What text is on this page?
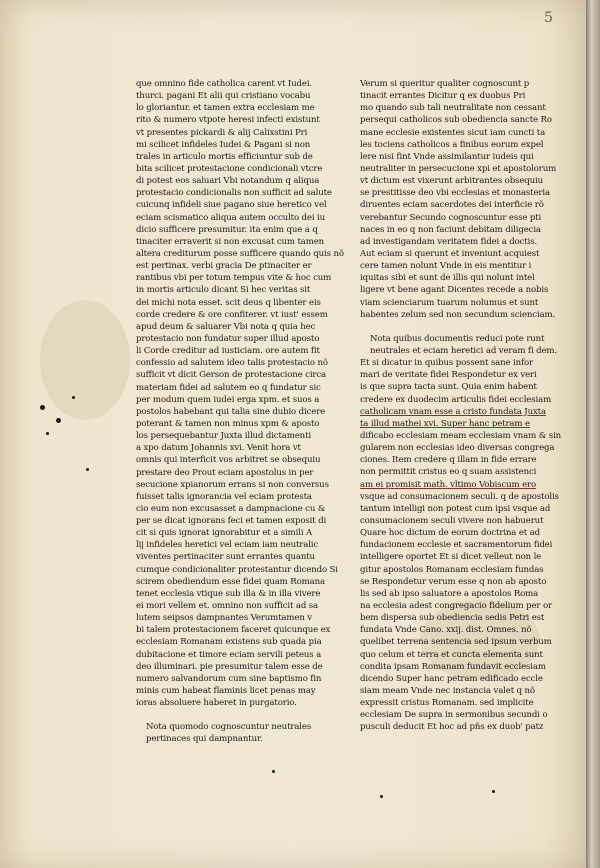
5
que omnino fide catholica carent vt Iudei.
thurci. pagani Et alii qui cristiano vocabu
lo gloriantur. et tamen extra ecclesiam me
rito & numero vtpote heresi infecti existunt
vt presentes pickardi & alij Calixstini Pri
mi scilicet infideles Iudei & Pagani si non
trales in articulo mortis efficiuntur sub de
bita scilicet protestacione condicionali vtcre
di potest eos saluari Vbi notandum q aliqua
protestacio condicionalis non sufficit ad salute
cuicunq infideli siue pagano siue heretico vel
eciam scismatico aliqua autem occulto dei iu
dicio sufficere presumitur. ita enim que a q
tinaciter erraverit si non excusat cum tamen
altera crediturum posse sufficere quando quis nõ
est pertinax. verbi gracia De ptinaciter er
rantibus vbi per totum tempus vite & hoc cum
in mortis articulo dicant Si hec veritas sit
dei michi nota esset. scit deus q libenter eis
corde credere & ore confiterer. vt iust' essem
apud deum & saluarer Vbi nota q quia hec
protestacio non fundatur super illud aposto
li Corde creditur ad iusticiam. ore autem fit
confessio ad salutem ideo talis protestacio nõ
sufficit vt dicit Gerson de protestacione circa
materiam fidei ad salutem eo q fundatur sic
per modum quem iudei erga xpm. et suos a
postolos habebant qui talia sine dubio dicere
poterant & tamen non minus xpm & aposto
los persequebantur Juxta illud dictamenti
a xpo datum Johannis xvi. Venit hora vt
omnis qui interficit vos arbitret se obsequiu
prestare deo Prout eciam apostolus in per
secucione xpianorum errans si non conversus
fuisset talis ignorancia vel eciam protesta
cio eum non excusasset a dampnacione cu &
per se dicat ignorans feci et tamen exposit di
cit si quis ignorat ignorabitur et a simili A
lij infideles heretici vel eciam iam neutralic
viventes pertinaciter sunt errantes quantu
cumque condicionaliter protestantur dicendo Si
scirem obediendum esse fidei quam Romana
tenet ecclesia vtique sub illa & in illa vivere
ei mori vellem et. omnino non sufficit ad sa
lutem seipsos dampnantes Verumtamen v
bi talem protestacionem faceret quicunque ex
ecclesiam Romanam existens sub quada pia
dubitacione et timore eciam servili peteus a
deo illuminari. pie presumitur talem esse de
numero salvandorum cum sine baptismo fin
minis cum habeat flaminis licet penas may
ioras absoluere haberet in purgatorio.
Nota quomodo cognoscuntur neutrales pertinaces qui dampnantur.
Verum si queritur qualiter cognoscunt p
tinacit errantes Dicitur q ex duobus Pri
mo quando sub tali neutralitate non cessant
persequi catholicos sub obediencia sancte Ro
mane ecclesie existentes sicut iam cuncti ta
les tociens catholicos a finibus eorum expel
lere nisi fint Vnde assimilantur iudeis qui
neutraliter in persecucione xpi et apostolorum
vt dictum est vixerunt arbitrantes obsequiu
se prestitisse deo vbi ecclesias et monasteria
diruentes eciam sacerdotes dei interficie rõ
verebantur Secundo cognoscuntur esse pti
naces in eo q non faciunt debitam diligecia
ad investigandam veritatem fidei a doctis.
Aut eciam si querunt et inveniunt acquiest
cere tamen nolunt Vnde in eis mentitur i
iquitas sibi et sunt de illis qui nolunt intel
ligere vt bene agant Dicentes recede a nobis
viam scienciarum tuarum nolumus et sunt
habentes zelum sed non secundum scienciam.
Nota quibus documentis reduci pote runt neutrales et eciam heretici ad veram fi dem.
Et si dicatur in quibus possent sane infor
mari de veritate fidei Respondetur ex veri
is que supra tacta sunt. Quia enim habent
credere ex duodecim articulis fidei ecclesiam
catholicam vnam esse a cristo fundata Juxta
ta illud mathei xvi. Super hanc petram e
dificabo ecclesiam meam ecclesiam vnam & sin
gularem non ecclesias ideo diversas congrega
ciones. Item credere q illam in fide errare
non permittit cristus eo q suam assistenci
am ei promisit math. vltimo Vobiscum ero
vsque ad consumacionem seculi. q de apostolis
tantum intelligi non potest cum ipsi vsque ad
consumacionem seculi vivere non habuerut
Quare hoc dictum de eorum doctrina et ad
fundacionem ecclesie et sacramentorum fidei
intelligere oportet Et si dicet velleut non le
gitur apostolos Romanam ecclesiam fundas
se Respondetur verum esse q non ab aposto
lis sed ab ipso saluatore a apostolos Roma
na ecclesia adest congregacio fidelium per or
bem dispersa sub obediencia sedis Petri est
fundata Vnde Cano. xxij. dist. Omnes. nõ
quelibet terrena sentencia sed ipsum verbum
quo celum et terra et cuncta elementa sunt
condita ipsam Romanam fundavit ecclesiam
dicendo Super hanc petram edificado eccle
siam meam Vnde nec instancia valet q nõ
expressit cristus Romanam. sed implicite
ecclesiam De supra in sermonibus secundi o
pusculi deducit Et hoc ad pñs ex duob' patz
